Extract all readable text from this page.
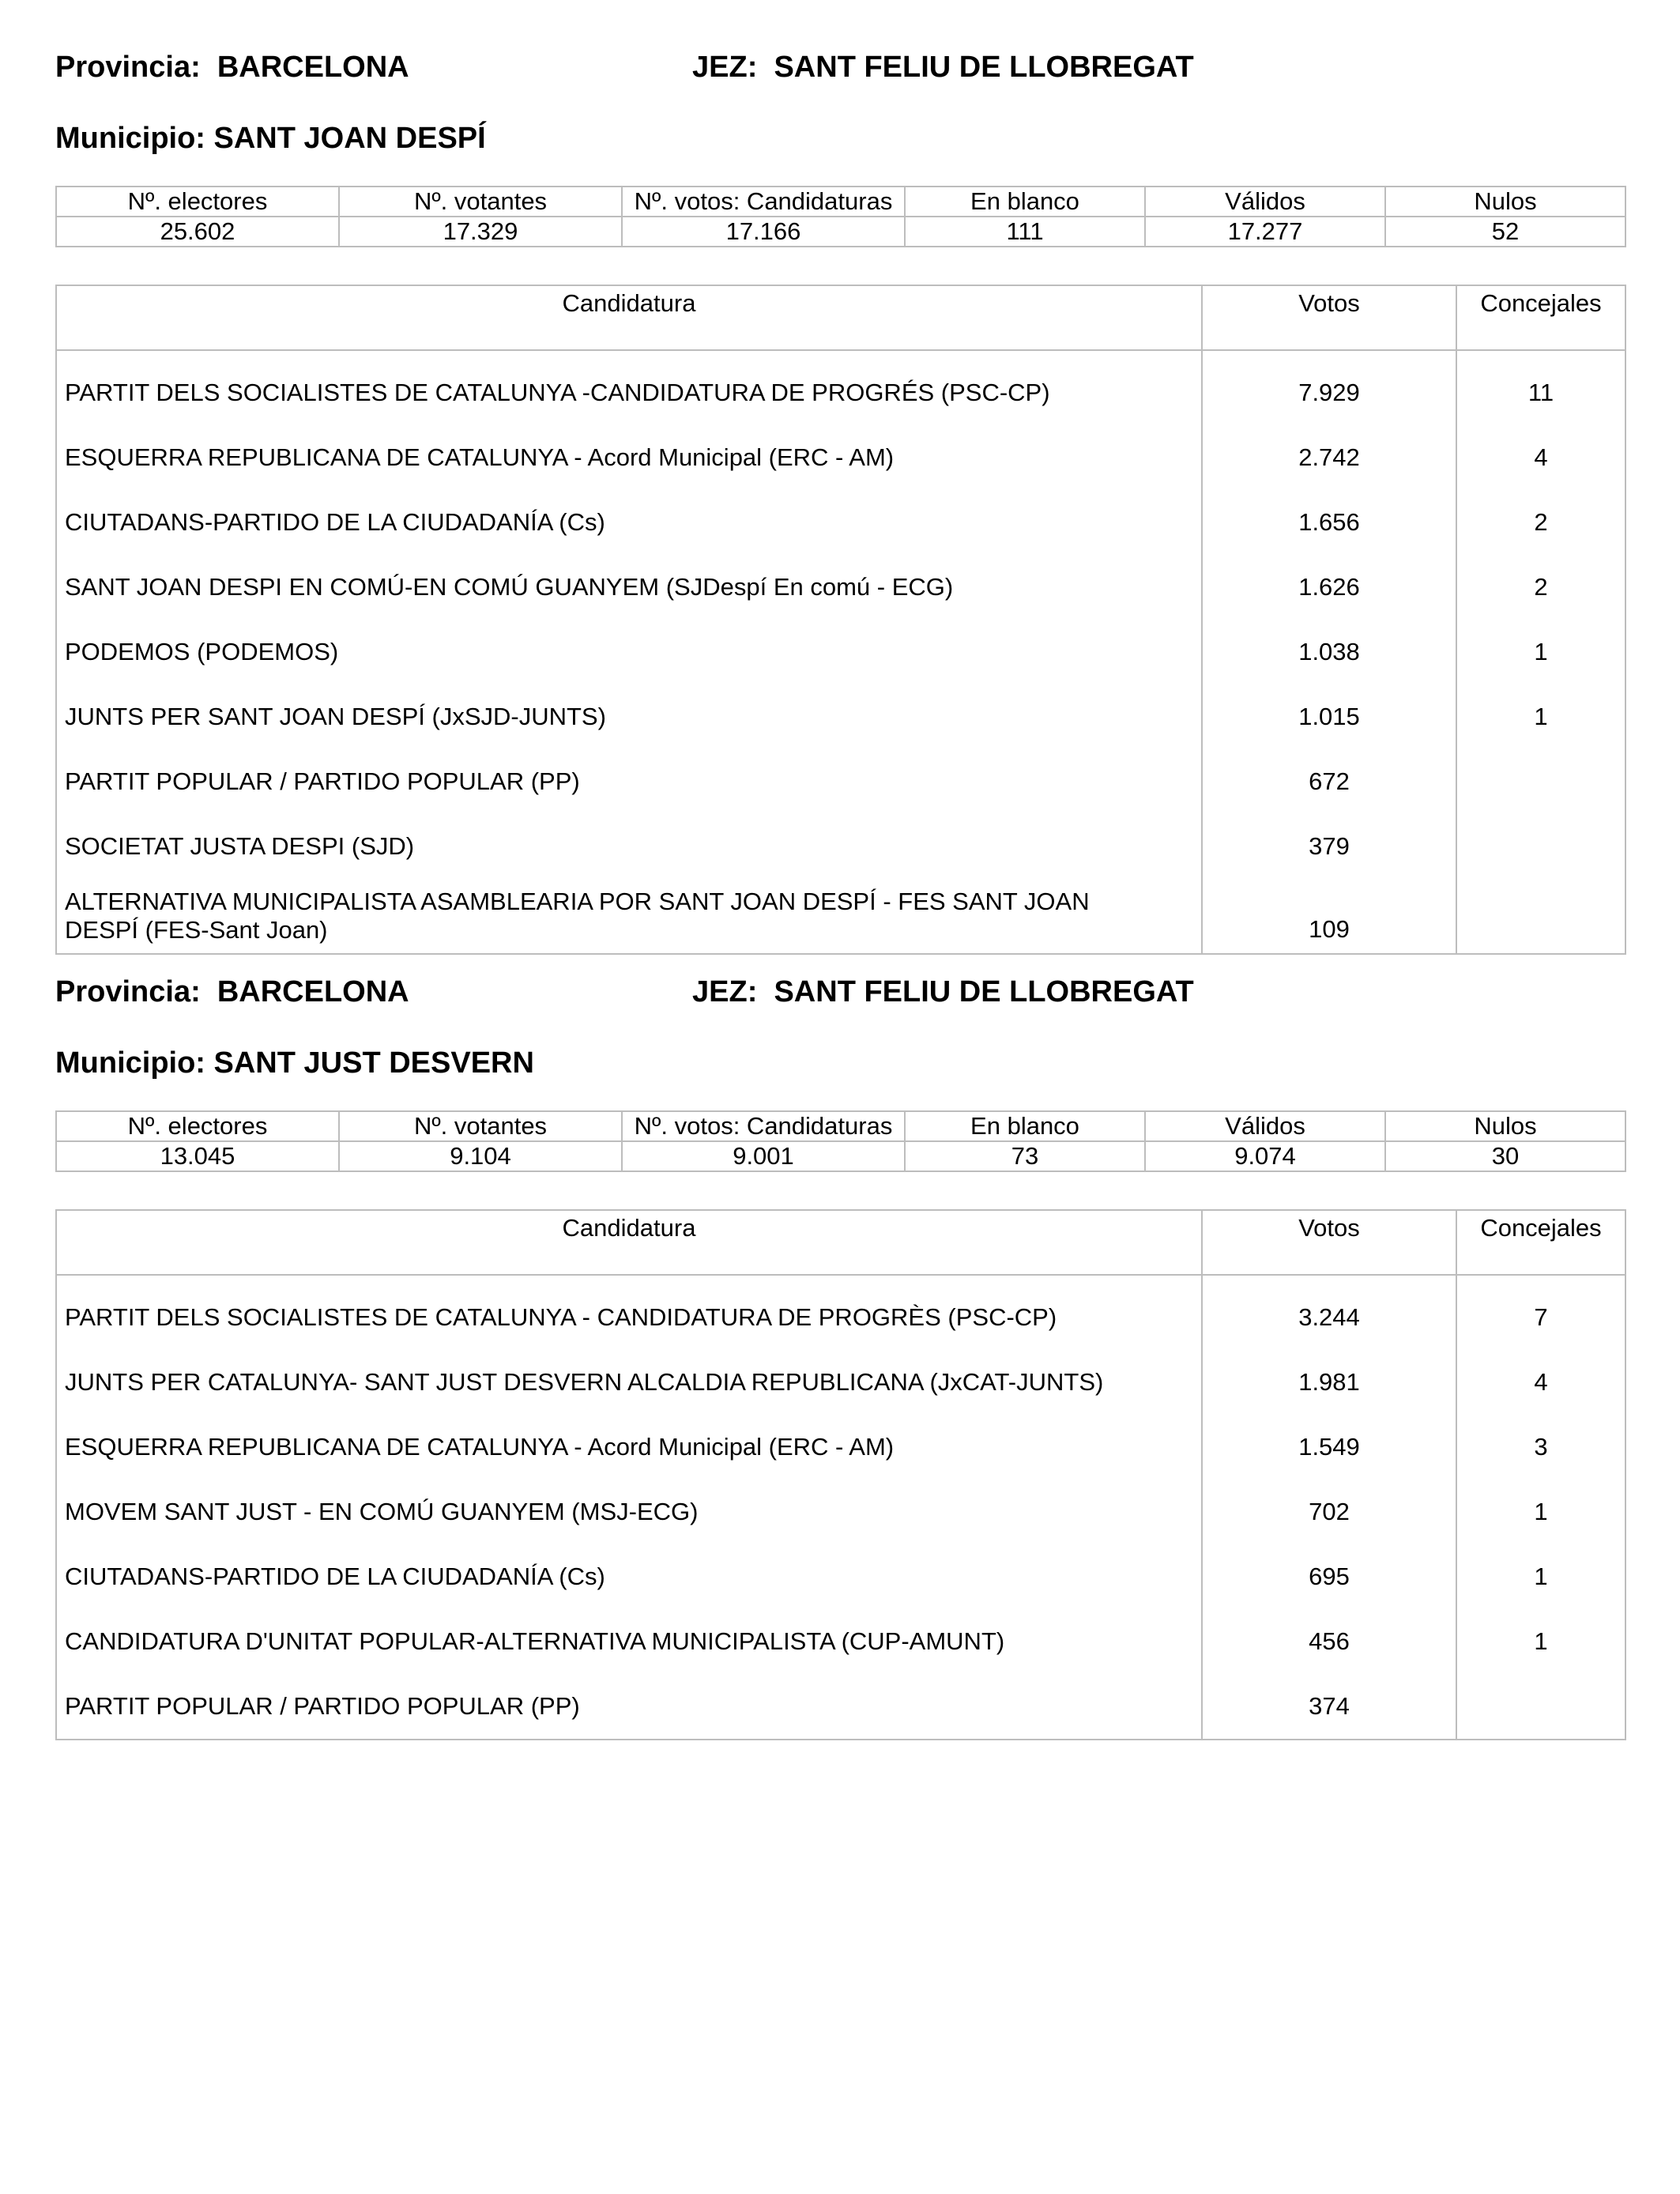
Provincia:  BARCELONA	JEZ:  SANT FELIU DE LLOBREGAT
Municipio: SANT JOAN DESPÍ
Nº. electores	Nº. votantes	Nº. votos: Candidaturas	En blanco	Válidos	Nulos
25.602	17.329	17.166	111	17.277	52
Candidatura	Votos	Concejales

PARTIT DELS SOCIALISTES DE CATALUNYA -CANDIDATURA DE PROGRÉS (PSC-CP)	7.929	11
ESQUERRA REPUBLICANA DE CATALUNYA - Acord Municipal (ERC - AM)	2.742	4
CIUTADANS-PARTIDO DE LA CIUDADANÍA (Cs)	1.656	2
SANT JOAN DESPI EN COMÚ-EN COMÚ GUANYEM (SJDespí En comú - ECG)	1.626	2
PODEMOS (PODEMOS)	1.038	1
JUNTS PER SANT JOAN DESPÍ (JxSJD-JUNTS)	1.015	1
PARTIT POPULAR / PARTIDO POPULAR (PP)	672	
SOCIETAT JUSTA DESPI (SJD)	379	
ALTERNATIVA MUNICIPALISTA ASAMBLEARIA POR SANT JOAN DESPÍ - FES SANT JOAN DESPÍ (FES-Sant Joan)	109	
Provincia:  BARCELONA	JEZ:  SANT FELIU DE LLOBREGAT
Municipio: SANT JUST DESVERN
Nº. electores	Nº. votantes	Nº. votos: Candidaturas	En blanco	Válidos	Nulos
13.045	9.104	9.001	73	9.074	30
Candidatura	Votos	Concejales

PARTIT DELS SOCIALISTES DE CATALUNYA - CANDIDATURA DE PROGRÈS (PSC-CP)	3.244	7
JUNTS PER CATALUNYA- SANT JUST DESVERN ALCALDIA REPUBLICANA (JxCAT-JUNTS)	1.981	4
ESQUERRA REPUBLICANA DE CATALUNYA - Acord Municipal (ERC - AM)	1.549	3
MOVEM SANT JUST - EN COMÚ GUANYEM (MSJ-ECG)	702	1
CIUTADANS-PARTIDO DE LA CIUDADANÍA (Cs)	695	1
CANDIDATURA D'UNITAT POPULAR-ALTERNATIVA MUNICIPALISTA (CUP-AMUNT)	456	1
PARTIT POPULAR / PARTIDO POPULAR (PP)	374	
